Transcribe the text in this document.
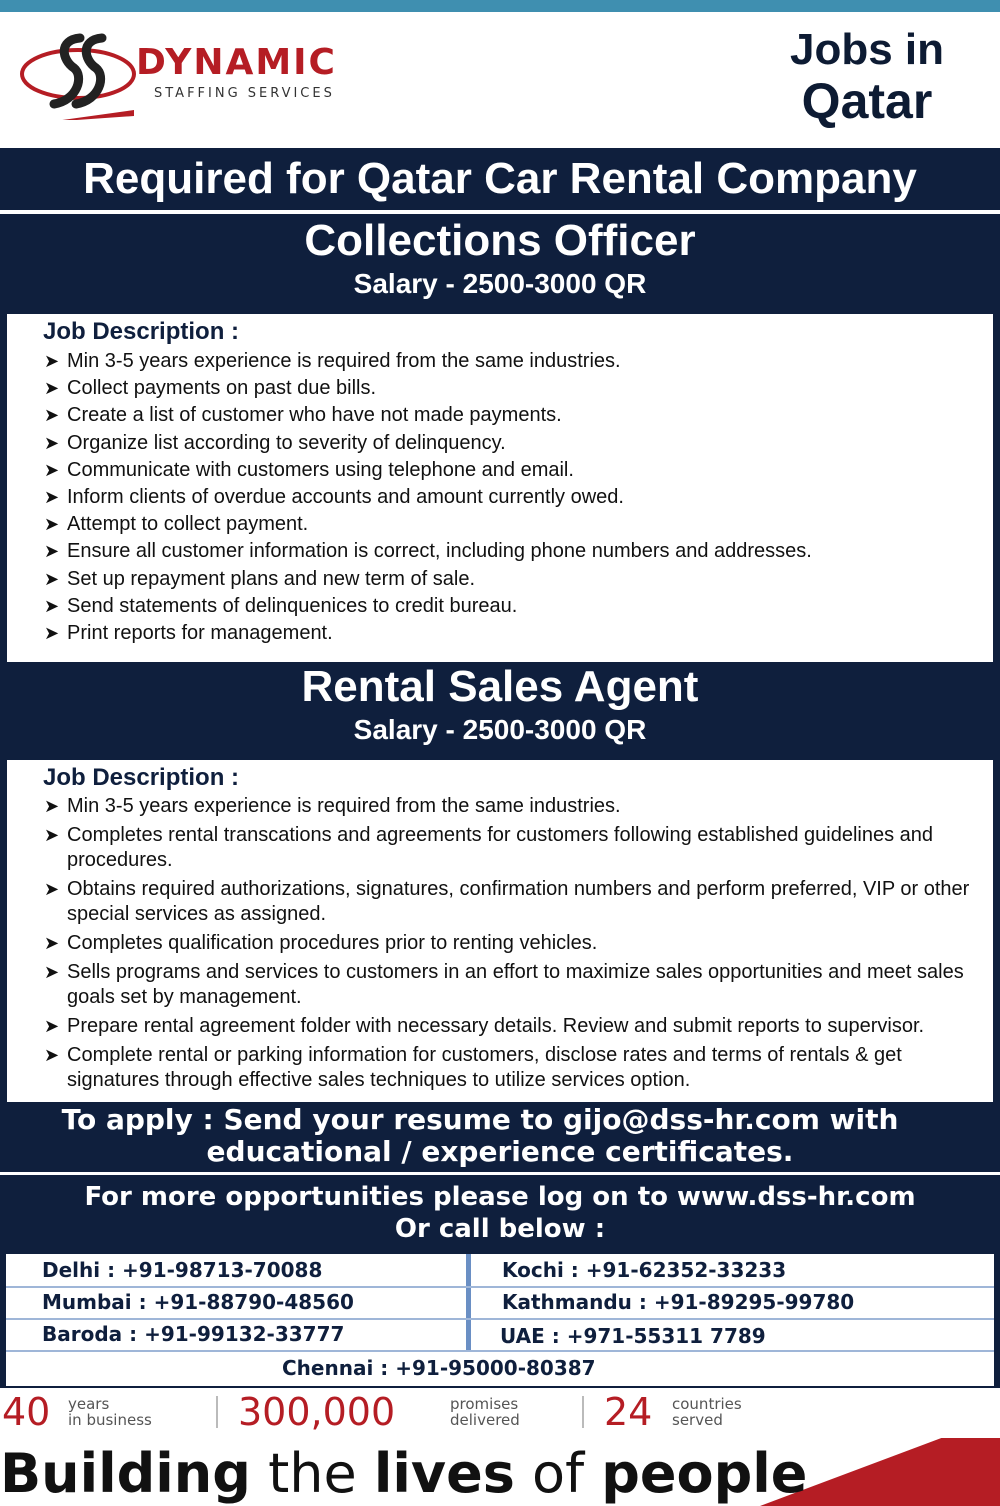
DYNAMIC
STAFFING SERVICES
Jobs in
Qatar
Required for Qatar Car Rental Company
Collections Officer
Salary - 2500-3000 QR
Job Description :
➤ Min 3-5 years experience is required from the same industries.
➤ Collect payments on past due bills.
➤ Create a list of customer who have not made payments.
➤ Organize list according to severity of delinquency.
➤ Communicate with customers using telephone and email.
➤ Inform clients of overdue accounts and amount currently owed.
➤ Attempt to collect payment.
➤ Ensure all customer information is correct, including phone numbers and addresses.
➤ Set up repayment plans and new term of sale.
➤ Send statements of delinquenices to credit bureau.
➤ Print reports for management.
Rental Sales Agent
Salary - 2500-3000 QR
Job Description :
➤ Min 3-5 years experience is required from the same industries.
➤ Completes rental transcations and agreements for customers following established guidelines and procedures.
➤ Obtains required authorizations, signatures, confirmation numbers and perform preferred, VIP or other special services as assigned.
➤ Completes qualification procedures prior to renting vehicles.
➤ Sells programs and services to customers in an effort to maximize sales opportunities and meet sales goals set by management.
➤ Prepare rental agreement folder with necessary details. Review and submit reports to supervisor.
➤ Complete rental or parking information for customers, disclose rates and terms of rentals & get signatures through effective sales techniques to utilize services option.
To apply : Send your resume to gijo@dss-hr.com with
educational / experience certificates.
For more opportunities please log on to www.dss-hr.com
Or call below :
Delhi : +91-98713-70088	Kochi : +91-62352-33233
Mumbai : +91-88790-48560	Kathmandu : +91-89295-99780
Baroda : +91-99132-33777	UAE : +971-55311 7789
Chennai : +91-95000-80387
40 years
in business 300,000	promises
delivered 24 countries
served
Building the lives of people
